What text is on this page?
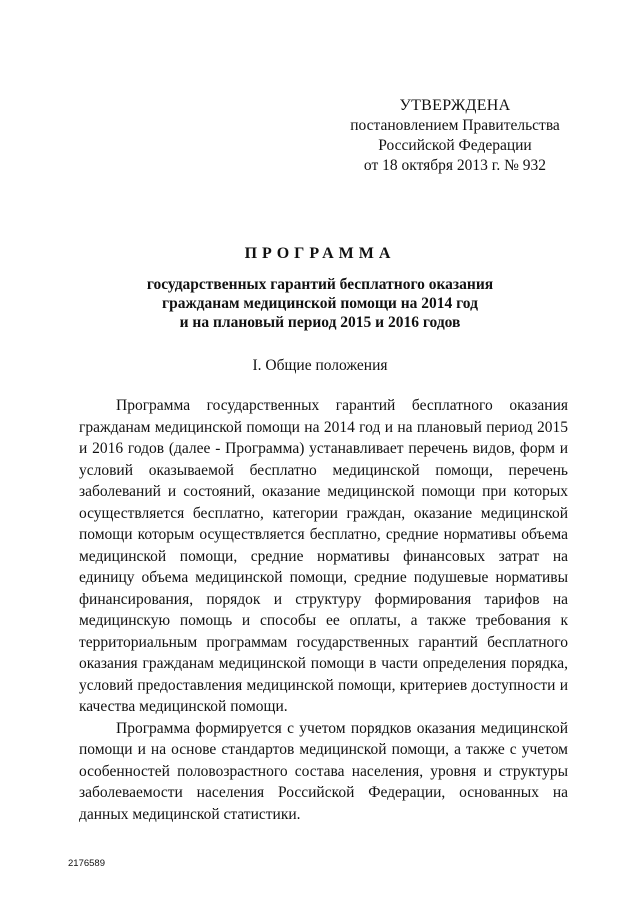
УТВЕРЖДЕНА
постановлением Правительства
Российской Федерации
от 18 октября 2013 г. № 932
ПРОГРАММА
государственных гарантий бесплатного оказания
гражданам медицинской помощи на 2014 год
и на плановый период 2015 и 2016 годов
I. Общие положения

Программа государственных гарантий бесплатного оказания гражданам медицинской помощи на 2014 год и на плановый период 2015 и 2016 годов (далее - Программа) устанавливает перечень видов, форм и условий оказываемой бесплатно медицинской помощи, перечень заболеваний и состояний, оказание медицинской помощи при которых осуществляется бесплатно, категории граждан, оказание медицинской помощи которым осуществляется бесплатно, средние нормативы объема медицинской помощи, средние нормативы финансовых затрат на единицу объема медицинской помощи, средние подушевые нормативы финансирования, порядок и структуру формирования тарифов на медицинскую помощь и способы ее оплаты, а также требования к территориальным программам государственных гарантий бесплатного оказания гражданам медицинской помощи в части определения порядка, условий предоставления медицинской помощи, критериев доступности и качества медицинской помощи.

Программа формируется с учетом порядков оказания медицинской помощи и на основе стандартов медицинской помощи, а также с учетом особенностей половозрастного состава населения, уровня и структуры заболеваемости населения Российской Федерации, основанных на данных медицинской статистики.

2176589
